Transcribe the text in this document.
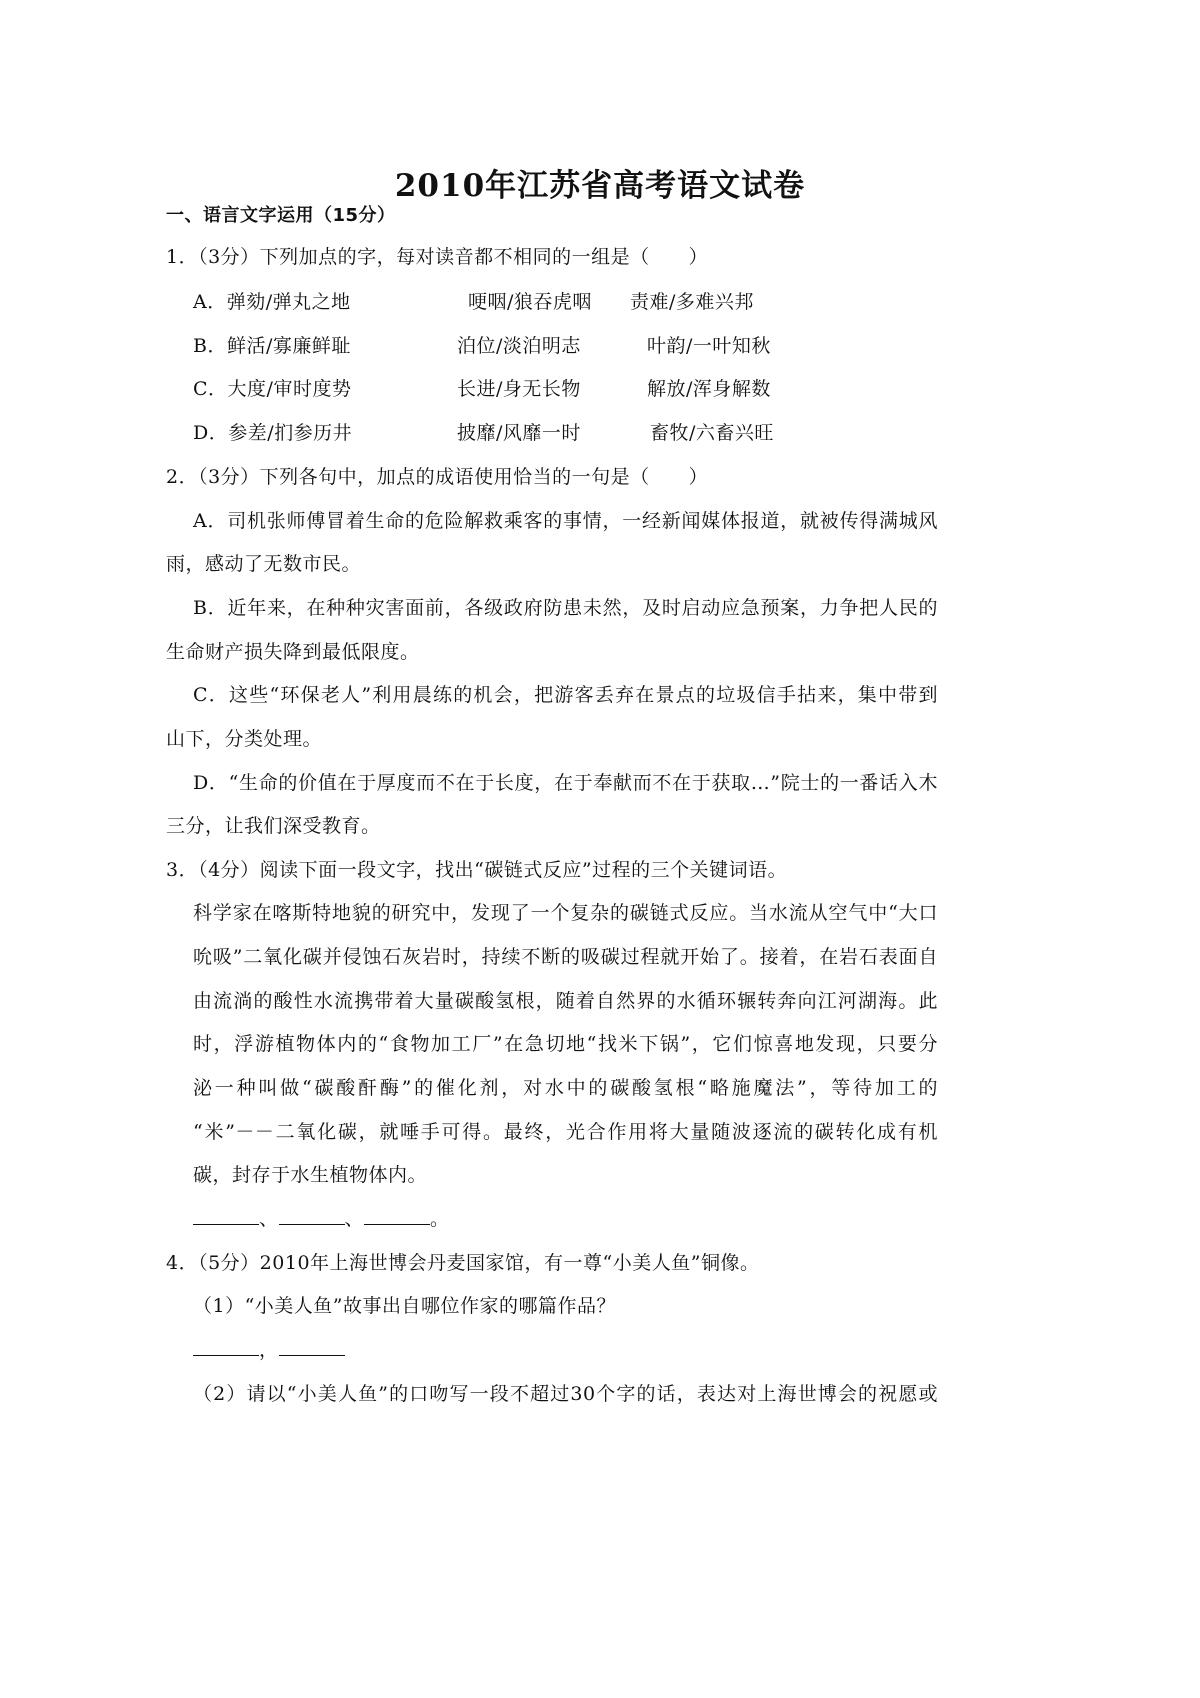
2010年江苏省高考语文试卷
一、语言文字运用（15分）
1．（3分）下列加点的字，每对读音都不相同的一组是（　　）
A．弹劾/弹丸之地	哽咽/狼吞虎咽 责难/多难兴邦
B．鲜活/寡廉鲜耻	泊位/淡泊明志	叶韵/一叶知秋
C．大度/审时度势	长进/身无长物	解放/浑身解数
D．参差/扪参历井	披靡/风靡一时	畜牧/六畜兴旺
2．（3分）下列各句中，加点的成语使用恰当的一句是（　　）
A．司机张师傅冒着生命的危险解救乘客的事情，一经新闻媒体报道，就被传得满城风
雨，感动了无数市民。
B．近年来，在种种灾害面前，各级政府防患未然，及时启动应急预案，力争把人民的
生命财产损失降到最低限度。
C．这些“环保老人”利用晨练的机会，把游客丢弃在景点的垃圾信手拈来，集中带到
山下，分类处理。
D．“生命的价值在于厚度而不在于长度，在于奉献而不在于获取…”院士的一番话入木
三分，让我们深受教育。
3．（4分）阅读下面一段文字，找出“碳链式反应”过程的三个关键词语。
科学家在喀斯特地貌的研究中，发现了一个复杂的碳链式反应。当水流从空气中“大口
吮吸”二氧化碳并侵蚀石灰岩时，持续不断的吸碳过程就开始了。接着，在岩石表面自
由流淌的酸性水流携带着大量碳酸氢根，随着自然界的水循环辗转奔向江河湖海。此
时，浮游植物体内的“食物加工厂”在急切地“找米下锅”，它们惊喜地发现，只要分
泌一种叫做“碳酸酐酶”的催化剂，对水中的碳酸氢根“略施魔法”，等待加工的
“米”－－二氧化碳，就唾手可得。最终，光合作用将大量随波逐流的碳转化成有机
碳，封存于水生植物体内。
、	、	。
4．（5分）2010年上海世博会丹麦国家馆，有一尊“小美人鱼”铜像。
（1）“小美人鱼”故事出自哪位作家的哪篇作品？
，
（2）请以“小美人鱼”的口吻写一段不超过30个字的话，表达对上海世博会的祝愿或
